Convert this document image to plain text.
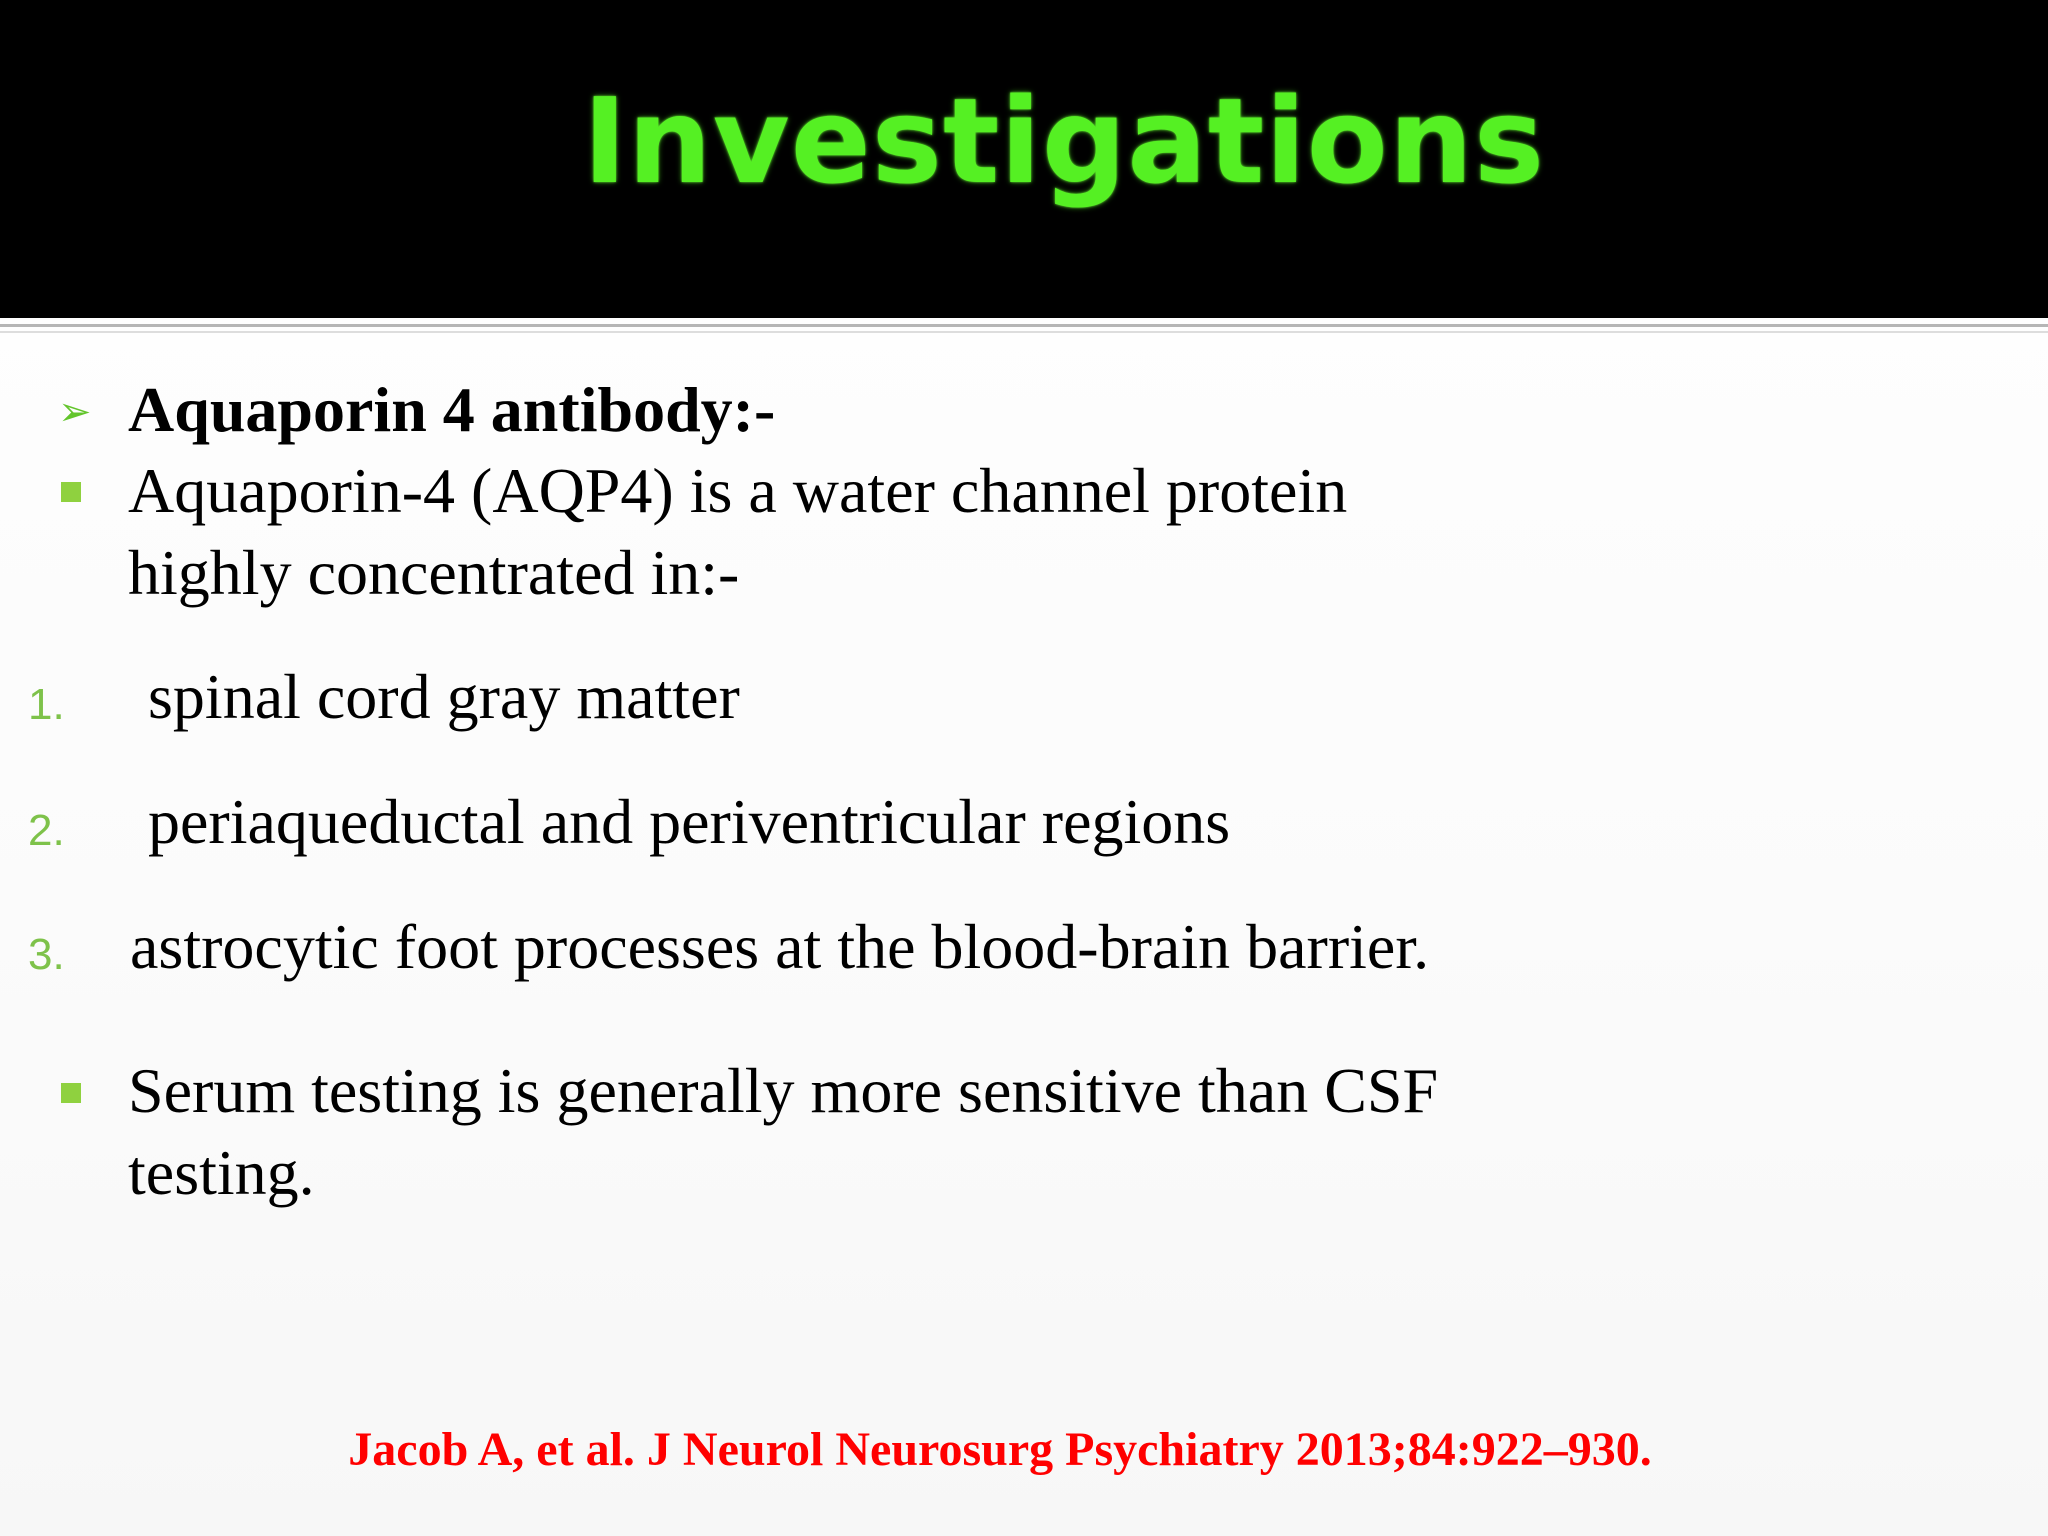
Investigations
➢ Aquaporin 4 antibody:-
Aquaporin-4 (AQP4) is a water channel protein
highly concentrated in:-
1. spinal cord gray matter
2. periaqueductal and periventricular regions
3. astrocytic foot processes at the blood-brain barrier.
Serum testing is generally more sensitive than CSF
testing.
Jacob A, et al. J Neurol Neurosurg Psychiatry 2013;84:922–930.
